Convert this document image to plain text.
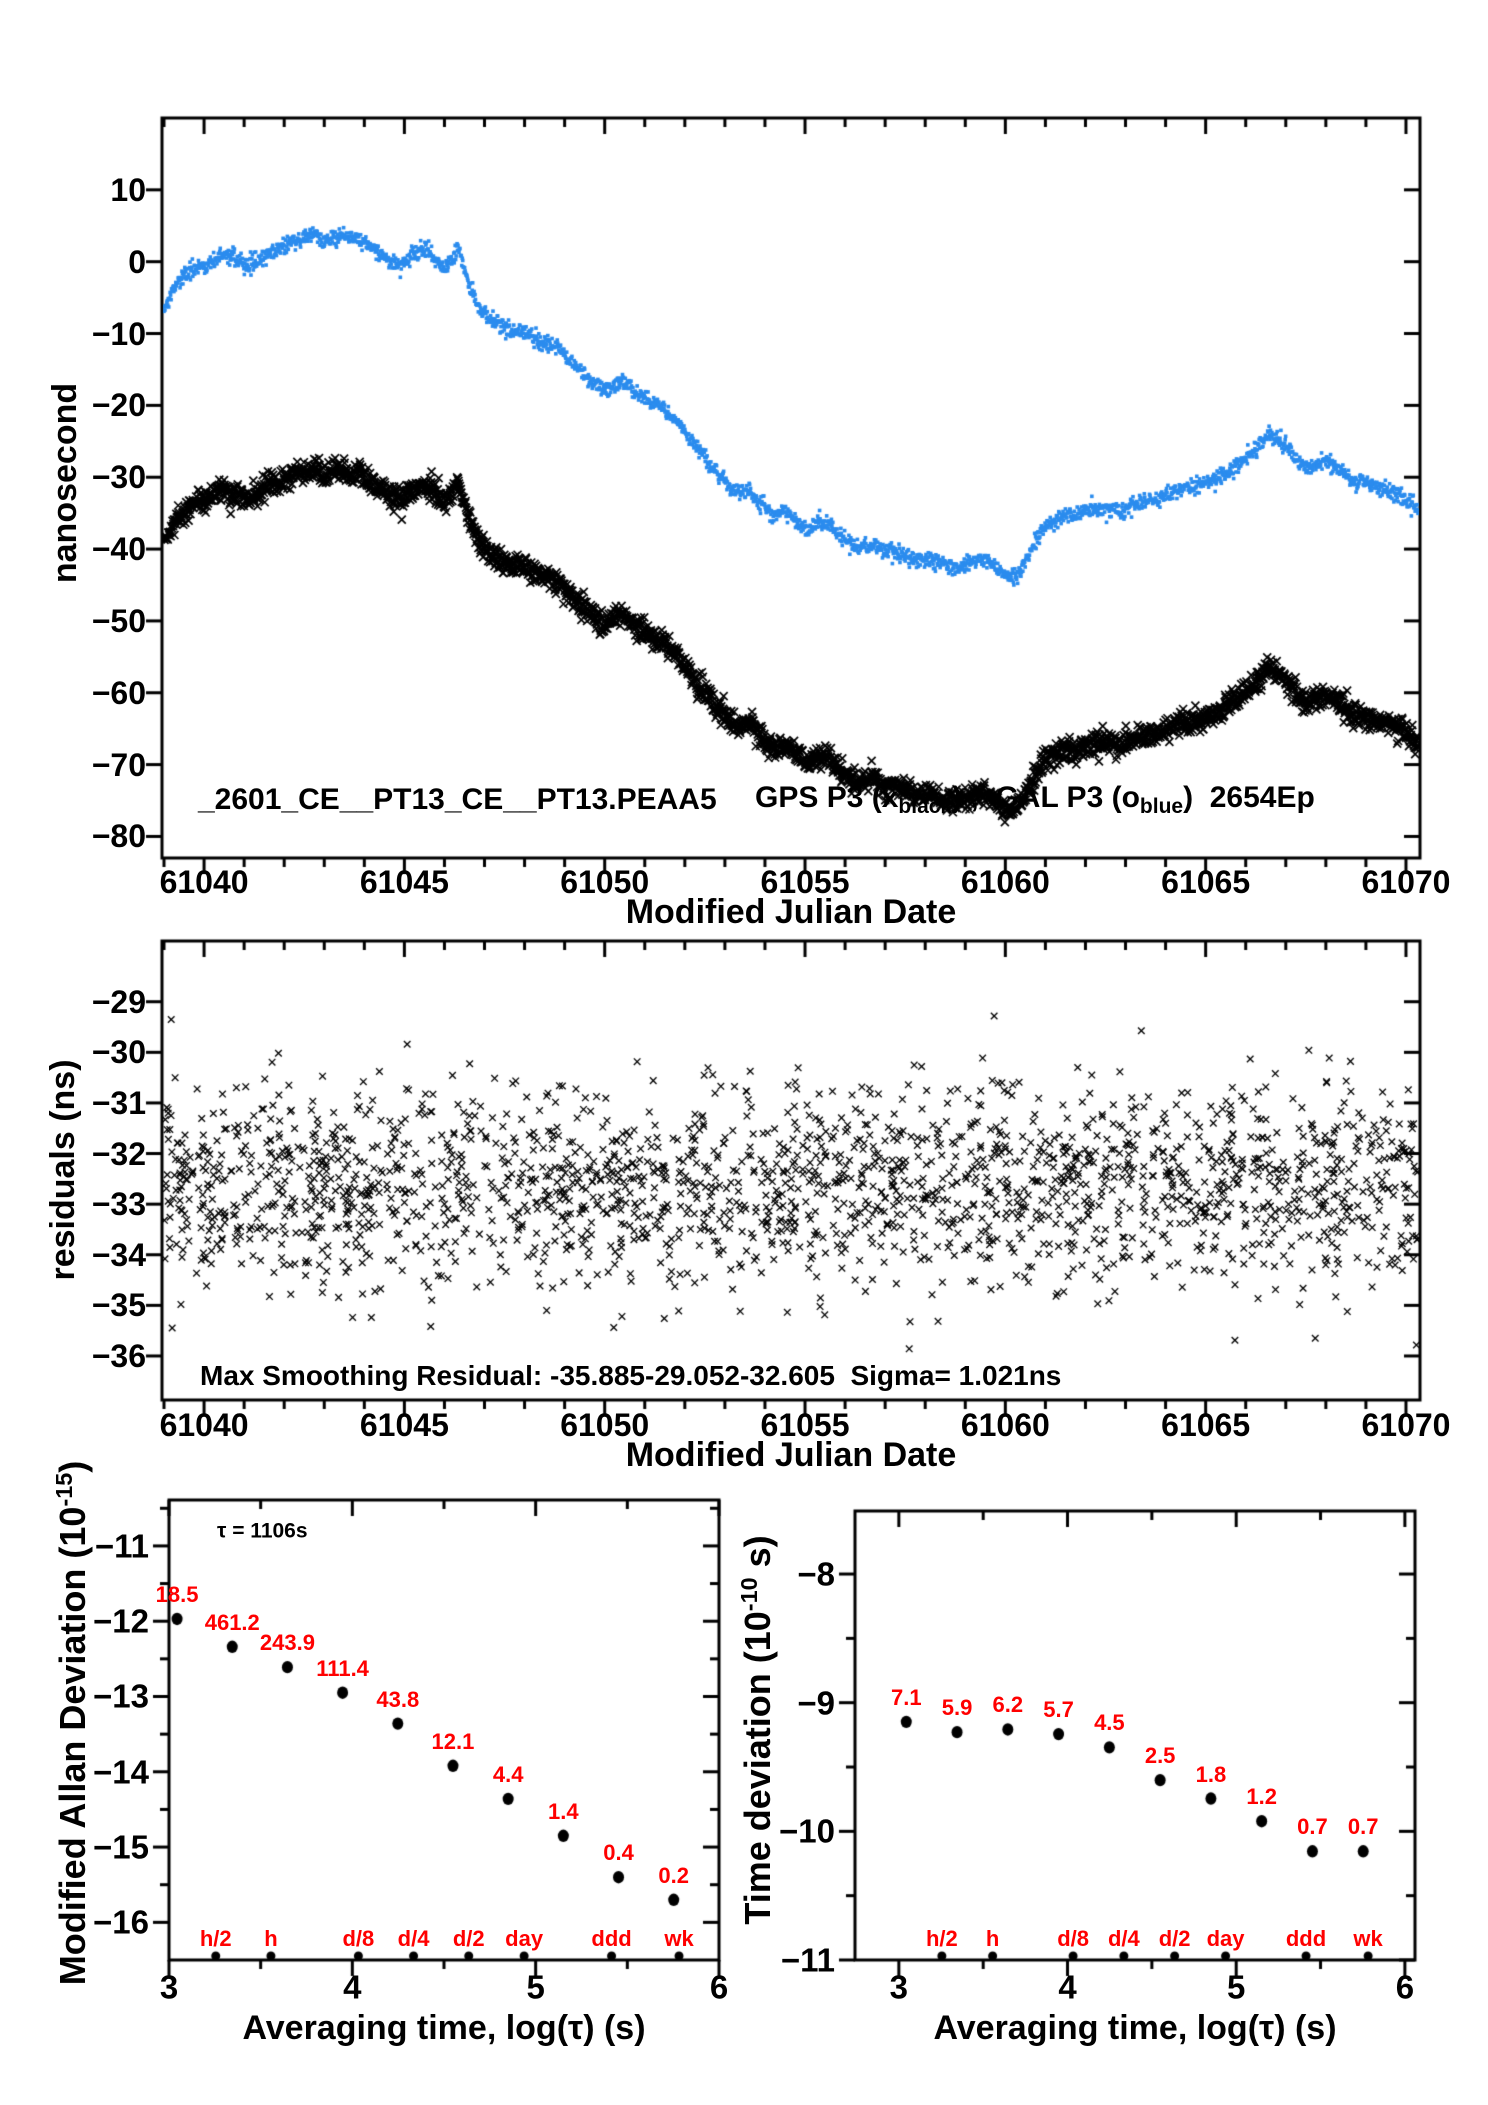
nanosecond
Modified Julian Date
_2601_CE__PT13_CE__PT13.PEAA5 GPS P3 $(x_{black})$ ,  GAL P3 $(o_{blue})$  2654Ep
residuals (ns)
Max Smoothing Residual: -35.885-29.052-32.605  Sigma= 1.021ns
Modified Julian Date
Modified Allan Deviation $(10^{-15})$
Averaging time, log(τ) (s)
τ = 1106s
Time deviation ($10^{-10}$ s)
Averaging time, log(τ) (s)
61040	61045	61050	61055	61060	61065	61070
10
0
−10
−20
−30
−40
−50
−60
−70
−80
61040	61045	61050	61055	61060	61065	61070
−29
−30
−31
−32
−33
−34
−35
−36
3	4	5	6
−11
−12
−13
−14
−15
−16
18.5
461.2
243.9
111.4
43.8
12.1
4.4
1.4
0.4
0.2
h/2 h	d/8 d/4 d/2 day ddd wk
3	4	5	6
−8
−9
−10
−11
7.1 5.9 6.2 5.7
4.5
2.5
1.8
1.2
0.7 0.7
h/2 h	d/8 d/4 d/2 day ddd wk
